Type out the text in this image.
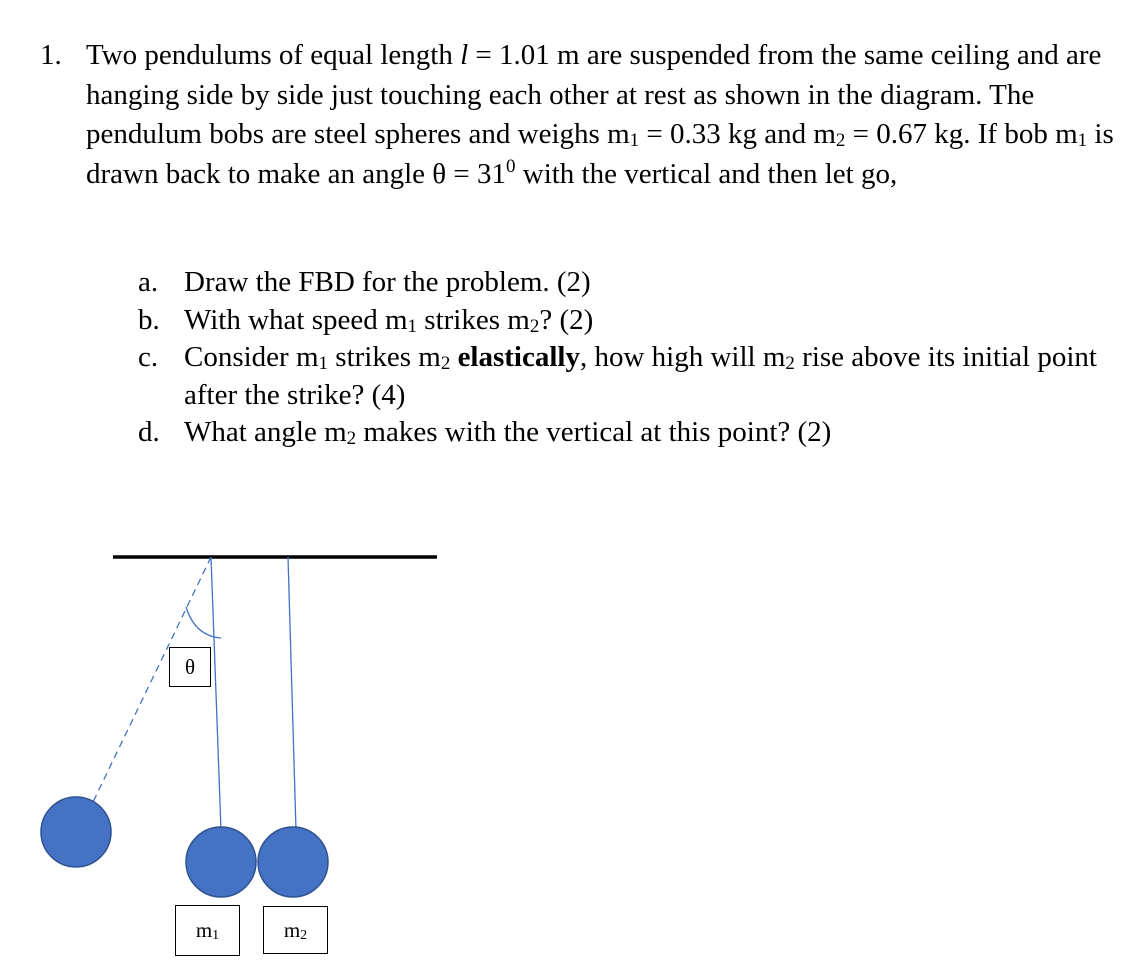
1. Two pendulums of equal length l = 1.01 m are suspended from the same ceiling and are hanging side by side just touching each other at rest as shown in the diagram. The pendulum bobs are steel spheres and weighs $m_1 = 0.33$ kg and $m_2 = 0.67$ kg. If bob $m_1$ is drawn back to make an angle $\theta = 31^0$ with the vertical and then let go,
a. Draw the FBD for the problem. (2)
b. With what speed $m_1$ strikes $m_2$? (2)
c. Consider $m_1$ strikes $m_2$ elastically, how high will $m_2$ rise above its initial point after the strike? (4)
d. What angle $m_2$ makes with the vertical at this point? (2)
θ
$m_1$	$m_2$
